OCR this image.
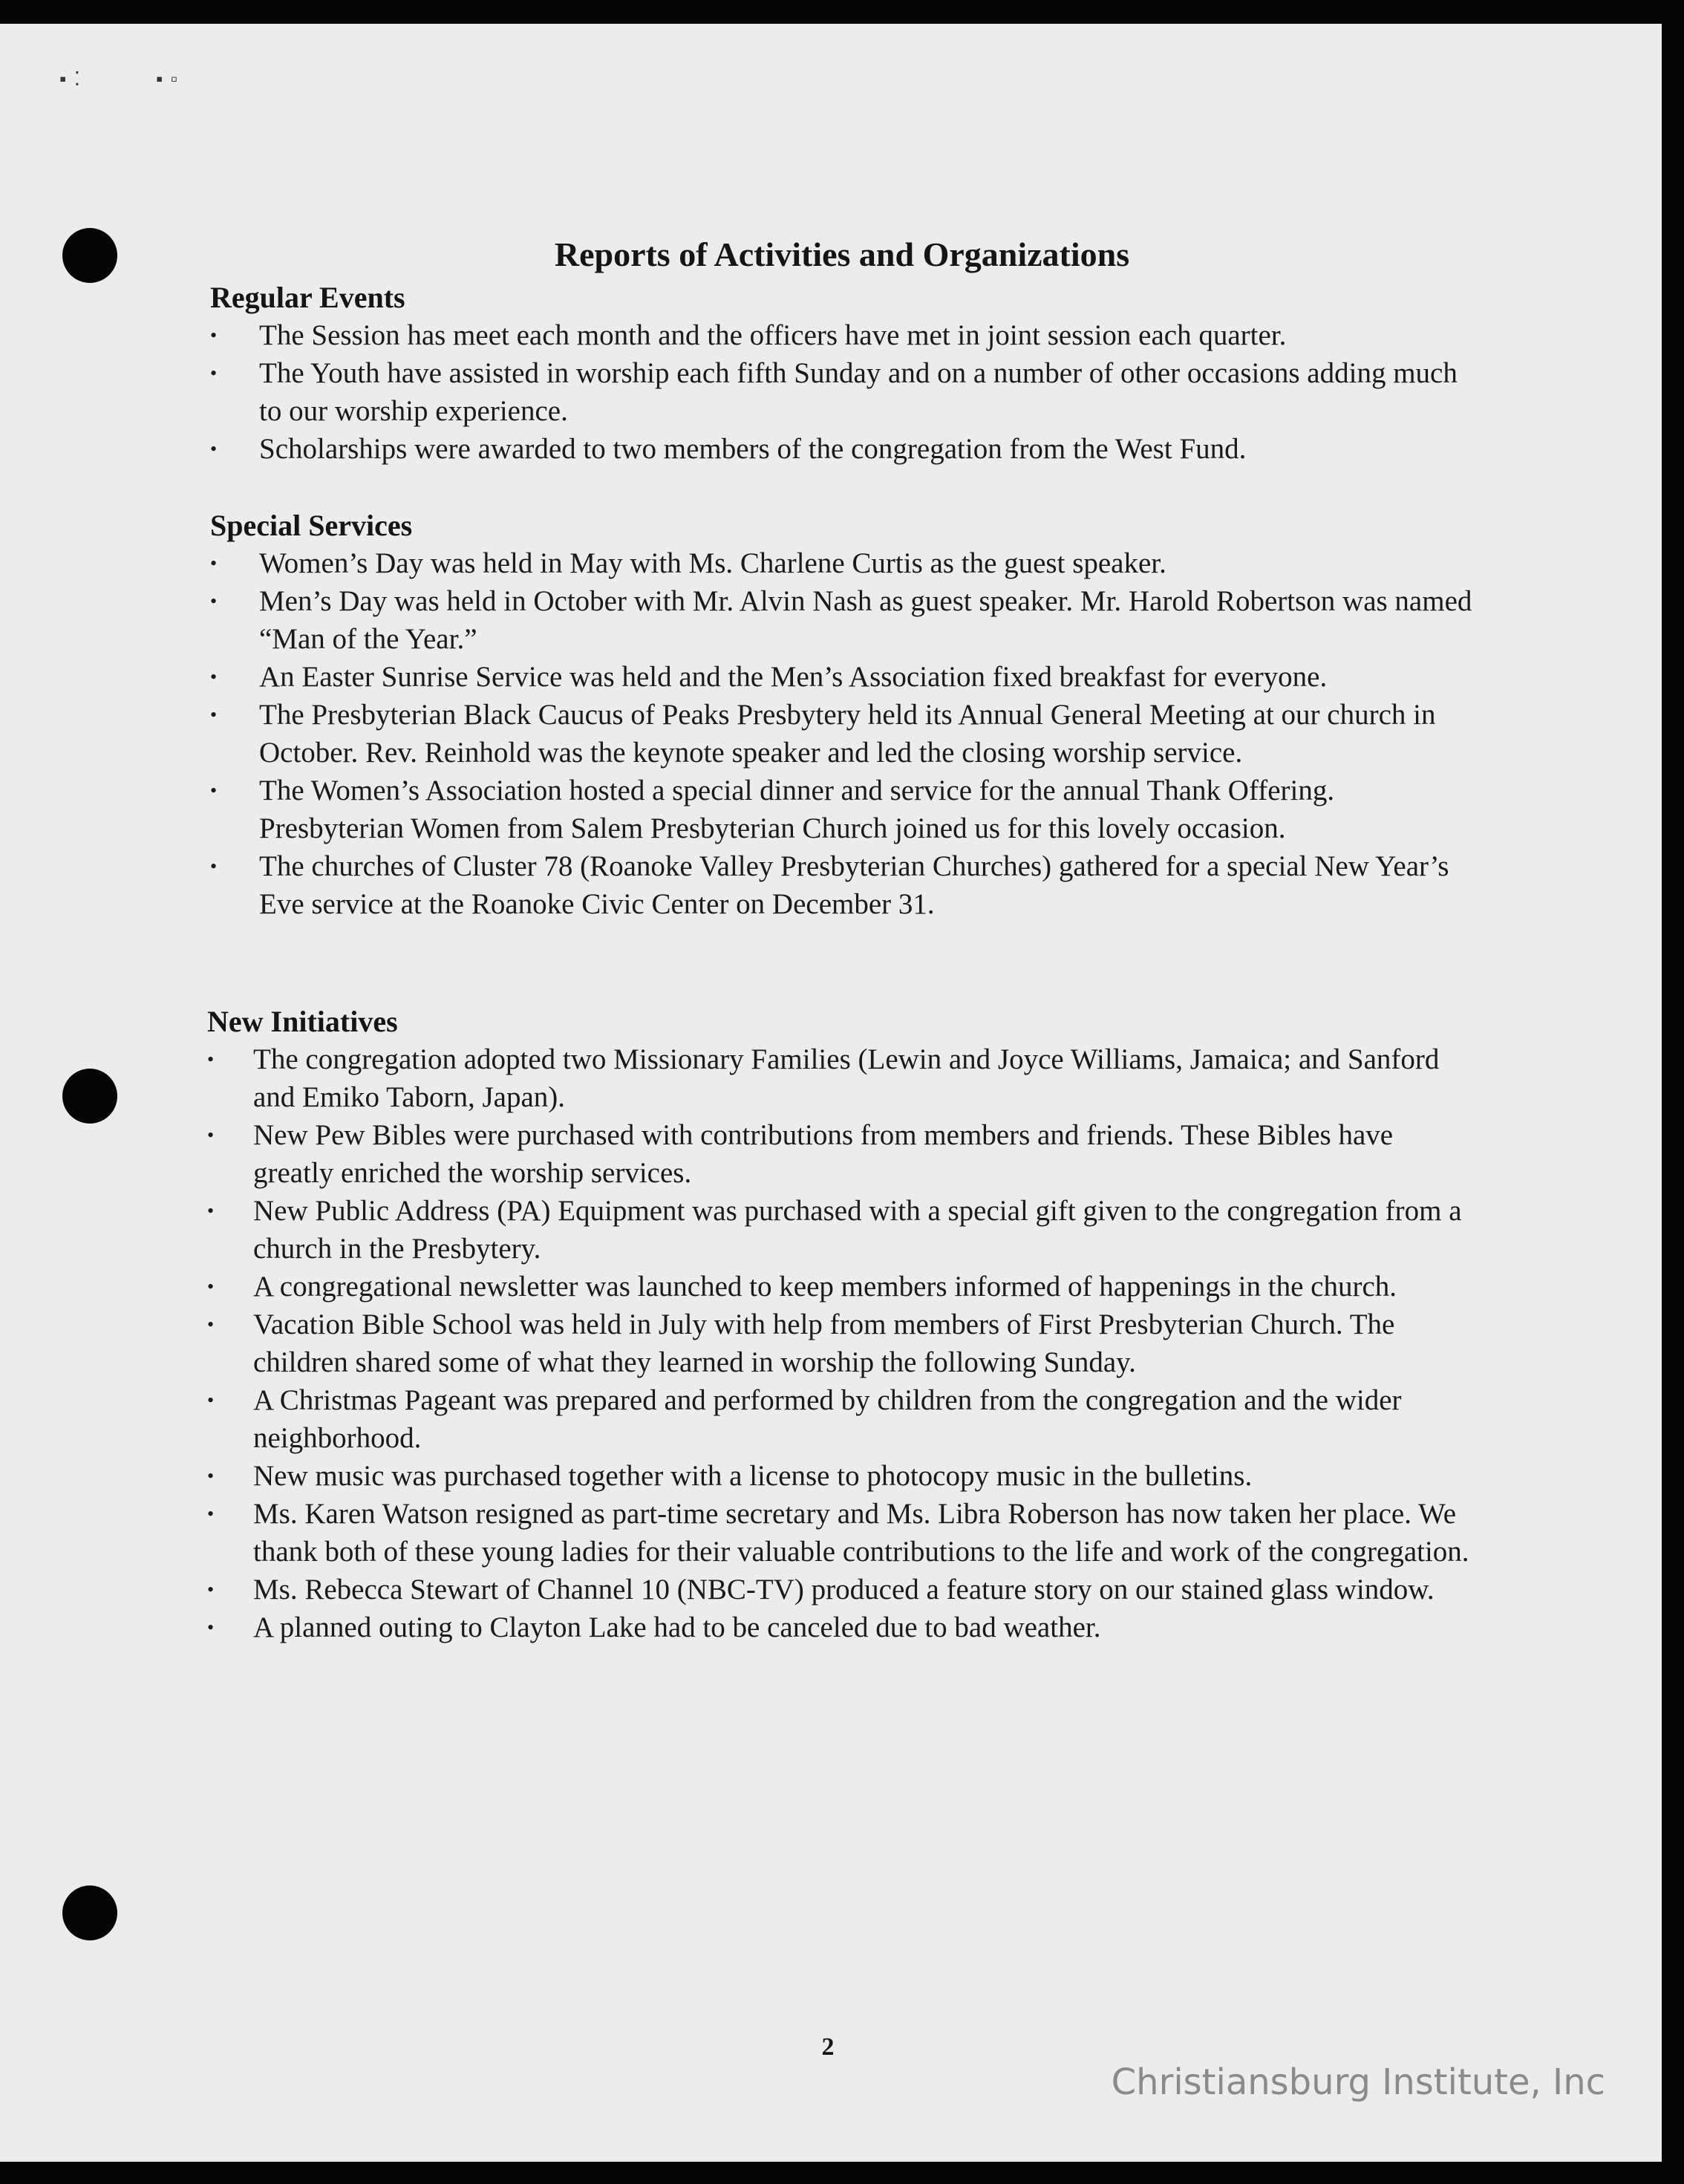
▪ ⁚	▪ ▫
Reports of Activities and Organizations
Regular Events
• The Session has meet each month and the officers have met in joint session each quarter.
• The Youth have assisted in worship each fifth Sunday and on a number of other occasions adding much to our worship experience.
• Scholarships were awarded to two members of the congregation from the West Fund.
Special Services
• Women’s Day was held in May with Ms. Charlene Curtis as the guest speaker.
• Men’s Day was held in October with Mr. Alvin Nash as guest speaker. Mr. Harold Robertson was named “Man of the Year.”
• An Easter Sunrise Service was held and the Men’s Association fixed breakfast for everyone.
• The Presbyterian Black Caucus of Peaks Presbytery held its Annual General Meeting at our church in October. Rev. Reinhold was the keynote speaker and led the closing worship service.
• The Women’s Association hosted a special dinner and service for the annual Thank Offering. Presbyterian Women from Salem Presbyterian Church joined us for this lovely occasion.
• The churches of Cluster 78 (Roanoke Valley Presbyterian Churches) gathered for a special New Year’s Eve service at the Roanoke Civic Center on December 31.
New Initiatives
• The congregation adopted two Missionary Families (Lewin and Joyce Williams, Jamaica; and Sanford and Emiko Taborn, Japan).
• New Pew Bibles were purchased with contributions from members and friends. These Bibles have greatly enriched the worship services.
• New Public Address (PA) Equipment was purchased with a special gift given to the congregation from a church in the Presbytery.
• A congregational newsletter was launched to keep members informed of happenings in the church.
• Vacation Bible School was held in July with help from members of First Presbyterian Church. The children shared some of what they learned in worship the following Sunday.
• A Christmas Pageant was prepared and performed by children from the congregation and the wider neighborhood.
• New music was purchased together with a license to photocopy music in the bulletins.
• Ms. Karen Watson resigned as part-time secretary and Ms. Libra Roberson has now taken her place. We thank both of these young ladies for their valuable contributions to the life and work of the congregation.
• Ms. Rebecca Stewart of Channel 10 (NBC-TV) produced a feature story on our stained glass window.
• A planned outing to Clayton Lake had to be canceled due to bad weather.
2
Christiansburg Institute, Inc
